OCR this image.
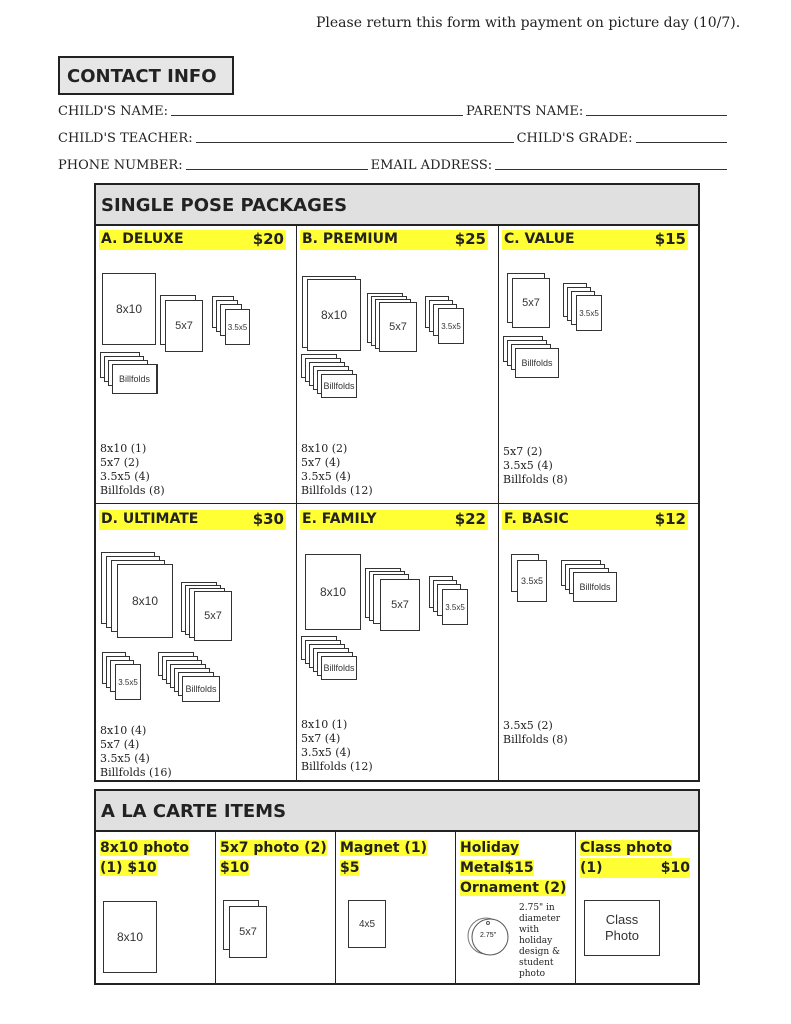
Please return this form with payment on picture day (10/7).
CONTACT INFO
CHILD'S NAME:	PARENTS NAME:
CHILD'S TEACHER:	CHILD'S GRADE:
PHONE NUMBER:	EMAIL ADDRESS:
SINGLE POSE PACKAGES
A. DELUXE	$20
8x10
5x7	3.5x5
Billfolds
8x10 (1)
5x7 (2)
3.5x5 (4)
Billfolds (8)
B. PREMIUM	$25
8x10
5x7	3.5x5
Billfolds
8x10 (2)
5x7 (4)
3.5x5 (4)
Billfolds (12)
C. VALUE	$15
5x7
3.5x5
Billfolds
5x7 (2)
3.5x5 (4)
Billfolds (8)
D. ULTIMATE	$30
8x10
5x7
3.5x5
Billfolds
8x10 (4)
5x7 (4)
3.5x5 (4)
Billfolds (16)
E. FAMILY	$22
8x10
5x7	3.5x5
Billfolds
8x10 (1)
5x7 (4)
3.5x5 (4)
Billfolds (12)
F. BASIC	$12
3.5x5
Billfolds
3.5x5 (2)
Billfolds (8)
A LA CARTE ITEMS
8x10 photo
(1) $10
8x10
5x7 photo (2)
$10
5x7
Magnet (1)
$5
4x5
Holiday
Metal$15
Ornament (2)
2.75"
2.75" in
diameter
with
holiday
design &
student
photo
Class photo
(1)	$10
Class
Photo
